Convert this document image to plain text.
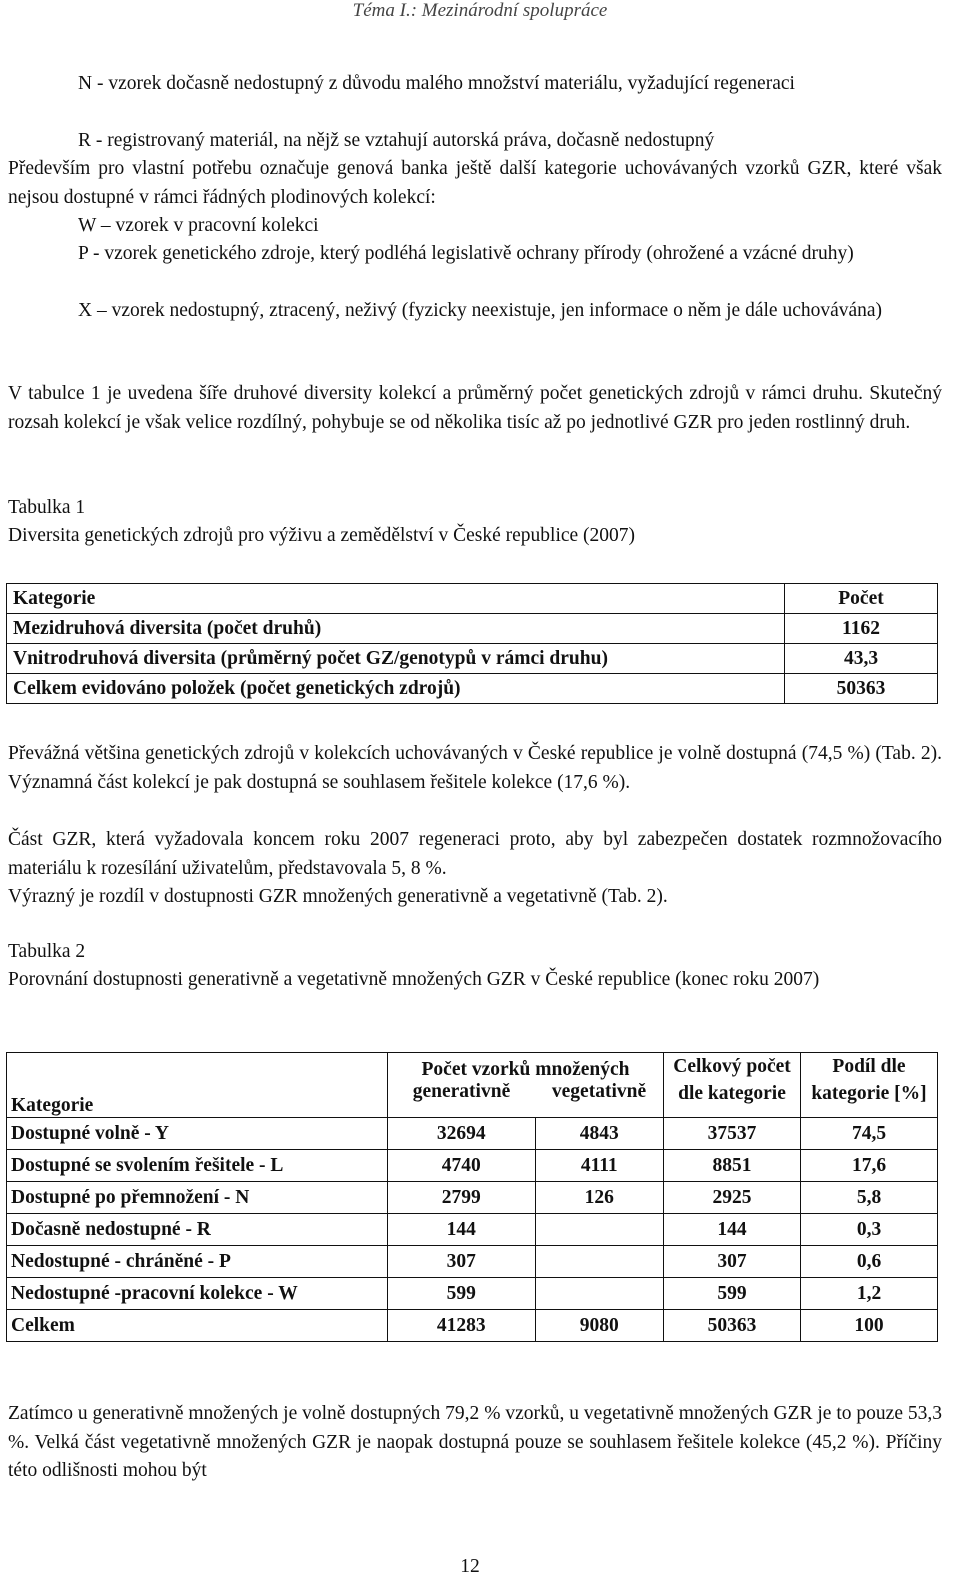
Téma I.: Mezinárodní spolupráce
N - vzorek dočasně nedostupný z důvodu malého množství materiálu, vyžadující regeneraci
R - registrovaný materiál, na nějž se vztahují autorská práva, dočasně nedostupný
Především pro vlastní potřebu označuje genová banka ještě další kategorie uchovávaných vzorků GZR, které však nejsou dostupné v rámci řádných plodinových kolekcí:
W – vzorek v pracovní kolekci
P - vzorek genetického zdroje, který podléhá legislativě ochrany přírody (ohrožené a vzácné druhy)
X – vzorek nedostupný, ztracený, neživý (fyzicky neexistuje, jen informace o něm je dále uchovávána)
V tabulce 1 je uvedena šíře druhové diversity kolekcí a průměrný počet genetických zdrojů v rámci druhu. Skutečný rozsah kolekcí je však velice rozdílný, pohybuje se od několika tisíc až po jednotlivé GZR pro jeden rostlinný druh.
Tabulka 1
Diversita genetických zdrojů pro výživu a zemědělství v České republice (2007)
Kategorie	Počet
Mezidruhová diversita (počet druhů)	1162
Vnitrodruhová diversita (průměrný počet GZ/genotypů v rámci druhu)	43,3
Celkem evidováno položek (počet genetických zdrojů)	50363
Převážná většina genetických zdrojů v kolekcích uchovávaných v České republice je volně dostupná (74,5 %) (Tab. 2). Významná část kolekcí je pak dostupná se souhlasem řešitele kolekce (17,6 %).
Část GZR, která vyžadovala koncem roku 2007 regeneraci proto, aby byl zabezpečen dostatek rozmnožovacího materiálu k rozesílání uživatelům, představovala 5, 8 %.
Výrazný je rozdíl v dostupnosti GZR množených generativně a vegetativně (Tab. 2).
Tabulka 2
Porovnání dostupnosti generativně a vegetativně množených GZR v České republice (konec roku 2007)
Kategorie	Počet vzorků množených		Celkový počet dle kategorie	Podíl dle kategorie [%]
	generativně	vegetativně		
Dostupné volně - Y	32694	4843	37537	74,5
Dostupné se svolením řešitele - L	4740	4111	8851	17,6
Dostupné po přemnožení - N	2799	126	2925	5,8
Dočasně nedostupné - R	144		144	0,3
Nedostupné - chráněné - P	307		307	0,6
Nedostupné -pracovní kolekce - W	599		599	1,2
Celkem	41283	9080	50363	100
Zatímco u generativně množených je volně dostupných 79,2 % vzorků, u vegetativně množených GZR je to pouze 53,3 %. Velká část vegetativně množených GZR je naopak dostupná pouze se souhlasem řešitele kolekce (45,2 %). Příčiny této odlišnosti mohou být
12
